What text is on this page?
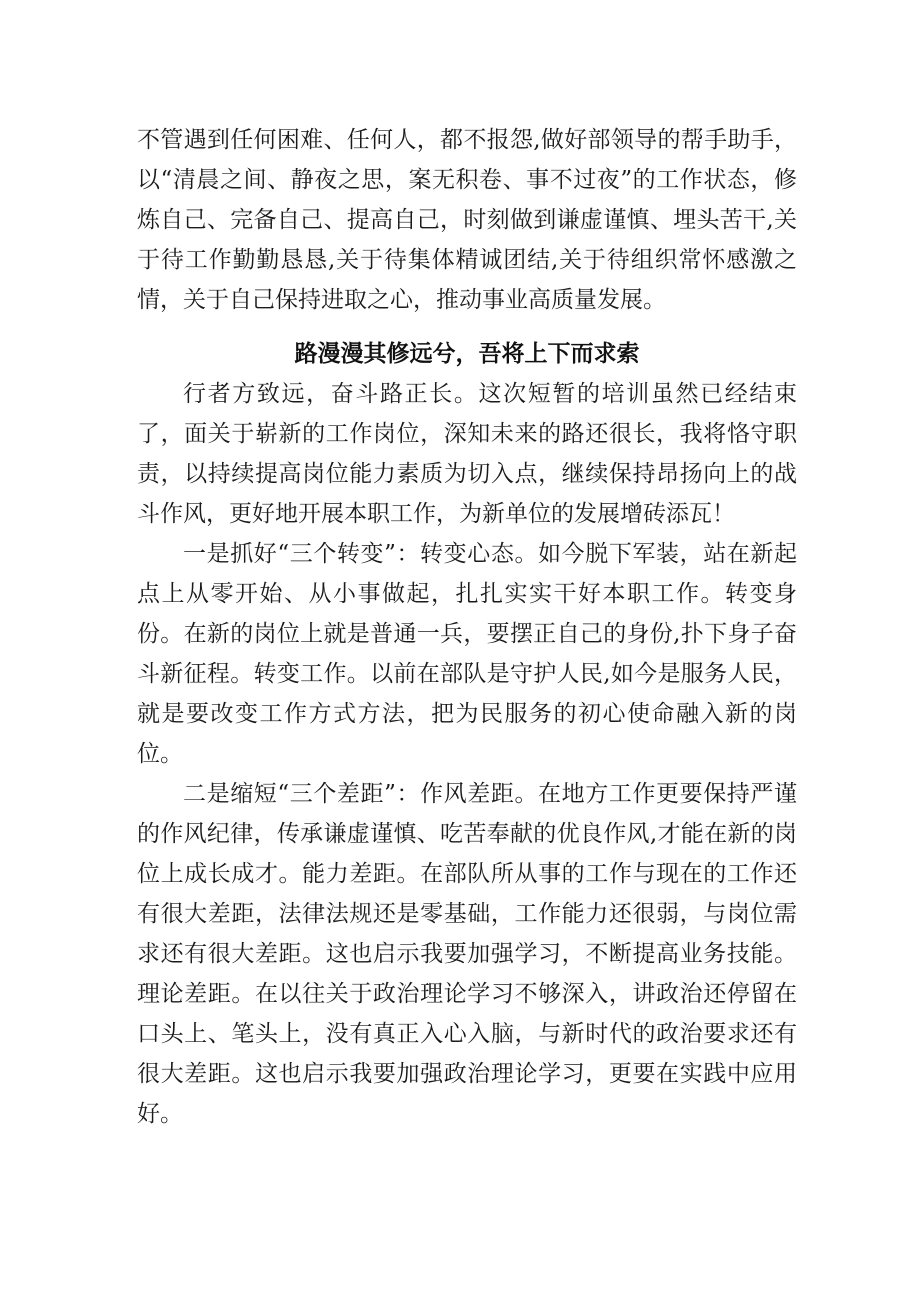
不管遇到任何困难、任何人，都不报怨,做好部领导的帮手助手，以“清晨之间、静夜之思，案无积卷、事不过夜”的工作状态，修炼自己、完备自己、提高自己，时刻做到谦虚谨慎、埋头苦干,关于待工作勤勤恳恳,关于待集体精诚团结,关于待组织常怀感激之情，关于自己保持进取之心，推动事业高质量发展。
路漫漫其修远兮，吾将上下而求索

行者方致远，奋斗路正长。这次短暂的培训虽然已经结束了，面关于崭新的工作岗位，深知未来的路还很长，我将恪守职责，以持续提高岗位能力素质为切入点，继续保持昂扬向上的战斗作风，更好地开展本职工作，为新单位的发展增砖添瓦！

一是抓好“三个转变”：转变心态。如今脱下军装，站在新起点上从零开始、从小事做起，扎扎实实干好本职工作。转变身份。在新的岗位上就是普通一兵，要摆正自己的身份,扑下身子奋斗新征程。转变工作。以前在部队是守护人民,如今是服务人民，就是要改变工作方式方法，把为民服务的初心使命融入新的岗位。

二是缩短“三个差距”：作风差距。在地方工作更要保持严谨的作风纪律，传承谦虚谨慎、吃苦奉献的优良作风,才能在新的岗位上成长成才。能力差距。在部队所从事的工作与现在的工作还有很大差距，法律法规还是零基础，工作能力还很弱，与岗位需求还有很大差距。这也启示我要加强学习，不断提高业务技能。理论差距。在以往关于政治理论学习不够深入，讲政治还停留在口头上、笔头上，没有真正入心入脑，与新时代的政治要求还有很大差距。这也启示我要加强政治理论学习，更要在实践中应用好。
